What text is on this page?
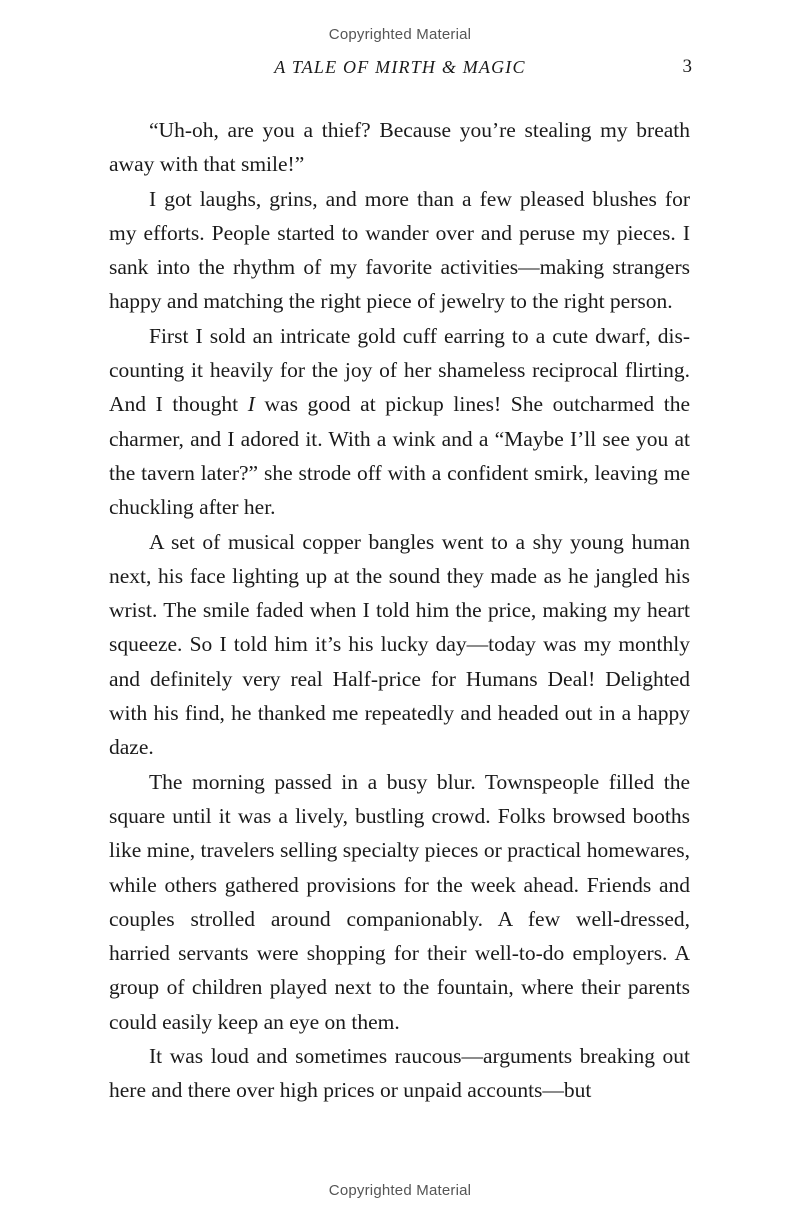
Copyrighted Material
A TALE OF MIRTH & MAGIC	3

“Uh-oh, are you a thief? Because you’re stealing my breath away with that smile!”

I got laughs, grins, and more than a few pleased blushes for my efforts. People started to wander over and peruse my pieces. I sank into the rhythm of my favorite activities—making strangers happy and matching the right piece of jewelry to the right person.

First I sold an intricate gold cuff earring to a cute dwarf, discounting it heavily for the joy of her shameless reciprocal flirting. And I thought I was good at pickup lines! She outcharmed the charmer, and I adored it. With a wink and a “Maybe I’ll see you at the tavern later?” she strode off with a confident smirk, leaving me chuckling after her.

A set of musical copper bangles went to a shy young human next, his face lighting up at the sound they made as he jangled his wrist. The smile faded when I told him the price, making my heart squeeze. So I told him it’s his lucky day—today was my monthly and definitely very real Half-price for Humans Deal! Delighted with his find, he thanked me repeatedly and headed out in a happy daze.

The morning passed in a busy blur. Townspeople filled the square until it was a lively, bustling crowd. Folks browsed booths like mine, travelers selling specialty pieces or practical homewares, while others gathered provisions for the week ahead. Friends and couples strolled around companionably. A few well-dressed, harried servants were shopping for their well-to-do employers. A group of children played next to the fountain, where their parents could easily keep an eye on them.

It was loud and sometimes raucous—arguments breaking out here and there over high prices or unpaid accounts—but

Copyrighted Material
